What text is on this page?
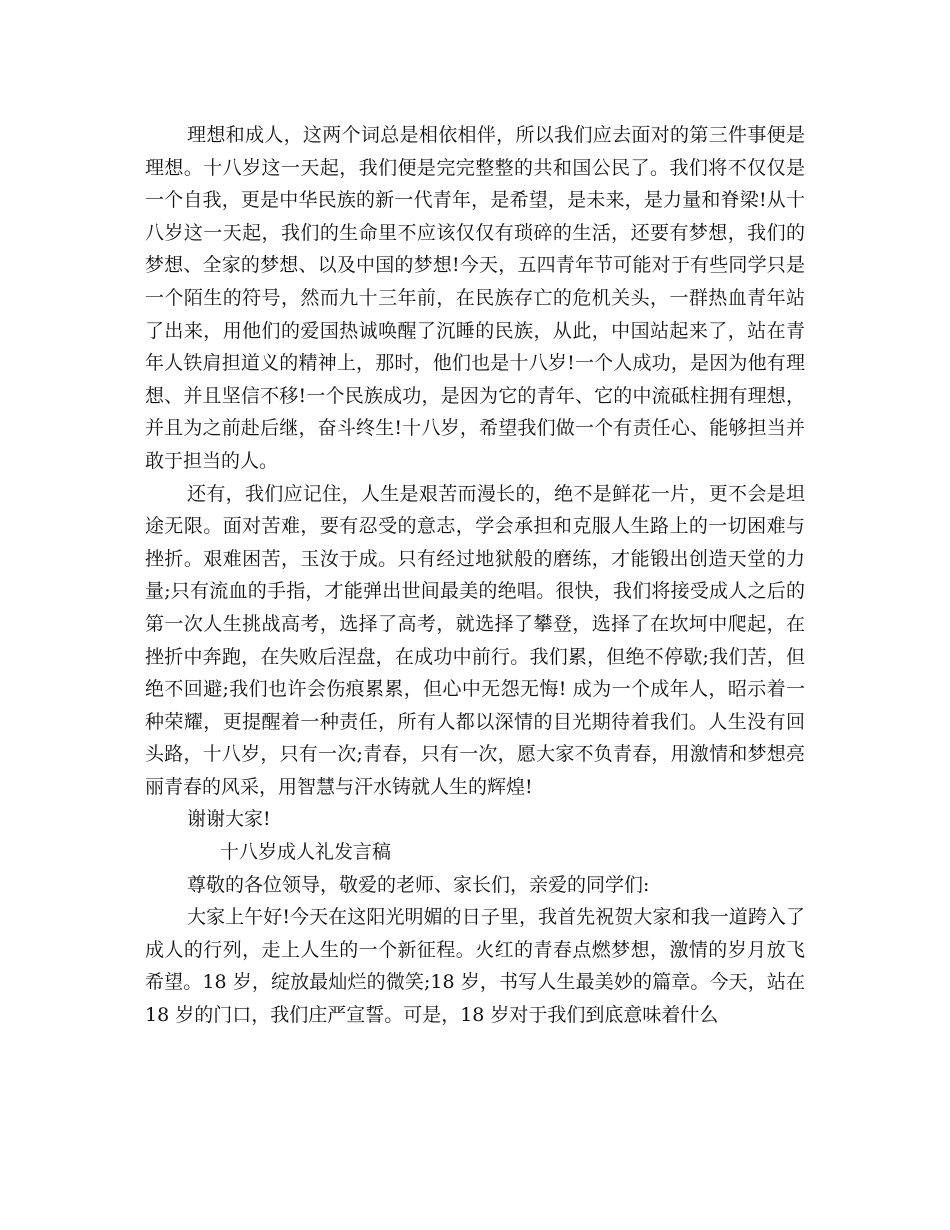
理想和成人，这两个词总是相依相伴，所以我们应去面对的第三件事便是理想。十八岁这一天起，我们便是完完整整的共和国公民了。我们将不仅仅是一个自我，更是中华民族的新一代青年，是希望，是未来，是力量和脊梁!从十八岁这一天起，我们的生命里不应该仅仅有琐碎的生活，还要有梦想，我们的梦想、全家的梦想、以及中国的梦想!今天，五四青年节可能对于有些同学只是一个陌生的符号，然而九十三年前，在民族存亡的危机关头，一群热血青年站了出来，用他们的爱国热诚唤醒了沉睡的民族，从此，中国站起来了，站在青年人铁肩担道义的精神上，那时，他们也是十八岁!一个人成功，是因为他有理想、并且坚信不移!一个民族成功，是因为它的青年、它的中流砥柱拥有理想，并且为之前赴后继，奋斗终生!十八岁，希望我们做一个有责任心、能够担当并敢于担当的人。

还有，我们应记住，人生是艰苦而漫长的，绝不是鲜花一片，更不会是坦途无限。面对苦难，要有忍受的意志，学会承担和克服人生路上的一切困难与挫折。艰难困苦，玉汝于成。只有经过地狱般的磨练，才能锻出创造天堂的力量;只有流血的手指，才能弹出世间最美的绝唱。很快，我们将接受成人之后的第一次人生挑战高考，选择了高考，就选择了攀登，选择了在坎坷中爬起，在挫折中奔跑，在失败后涅盘，在成功中前行。我们累，但绝不停歇;我们苦，但绝不回避;我们也许会伤痕累累，但心中无怨无悔! 成为一个成年人，昭示着一种荣耀，更提醒着一种责任，所有人都以深情的目光期待着我们。人生没有回头路，十八岁，只有一次;青春，只有一次，愿大家不负青春，用激情和梦想亮丽青春的风采，用智慧与汗水铸就人生的辉煌!

谢谢大家!

十八岁成人礼发言稿

尊敬的各位领导，敬爱的老师、家长们，亲爱的同学们:

大家上午好!今天在这阳光明媚的日子里，我首先祝贺大家和我一道跨入了成人的行列，走上人生的一个新征程。火红的青春点燃梦想，激情的岁月放飞希望。18 岁，绽放最灿烂的微笑;18 岁，书写人生最美妙的篇章。今天，站在 18 岁的门口，我们庄严宣誓。可是，18 岁对于我们到底意味着什么
